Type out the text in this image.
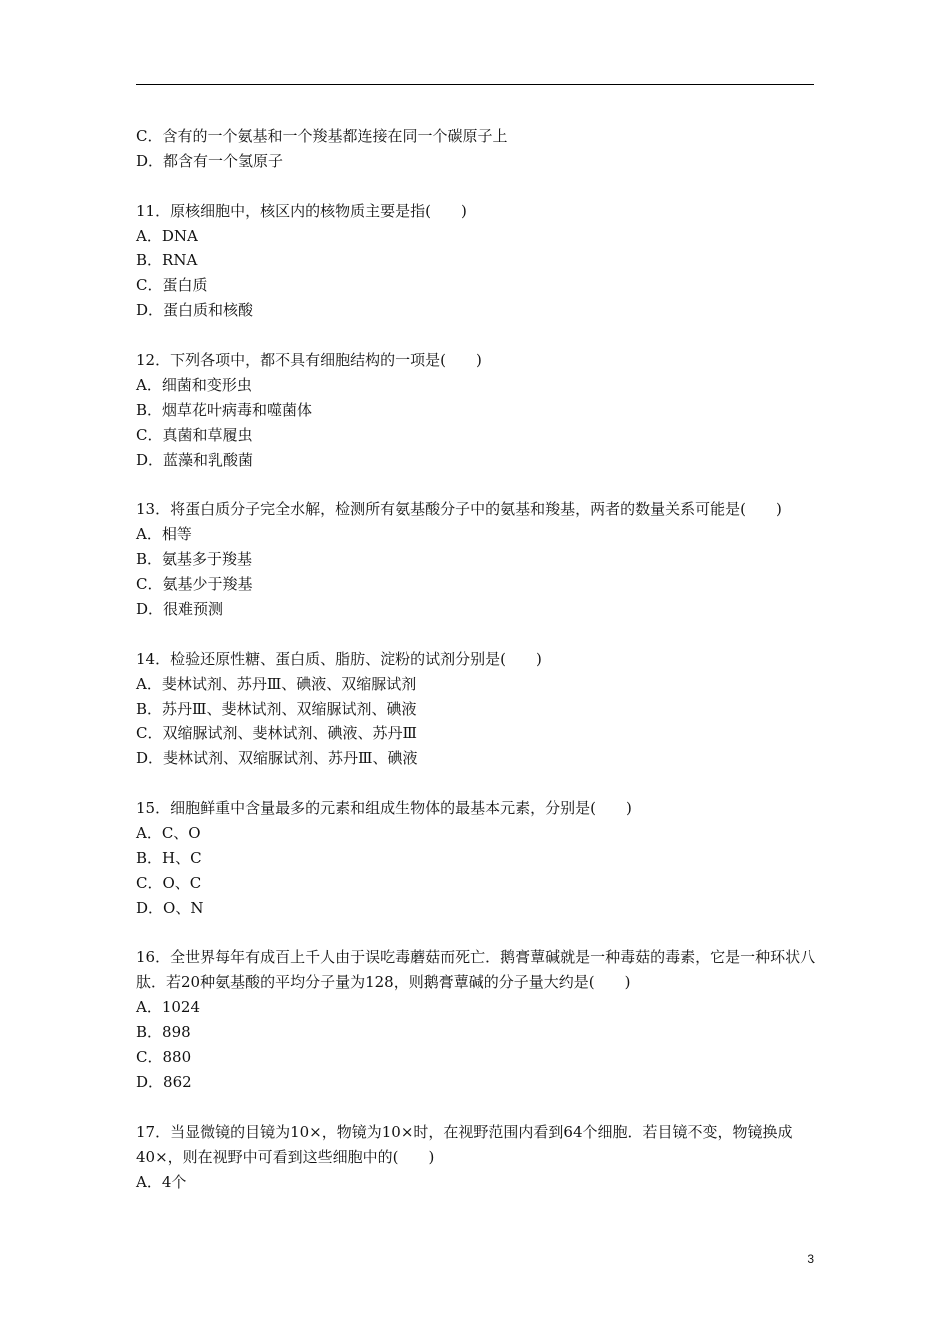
C．含有的一个氨基和一个羧基都连接在同一个碳原子上
D．都含有一个氢原子
11．原核细胞中，核区内的核物质主要是指(　　)
A．DNA
B．RNA
C．蛋白质
D．蛋白质和核酸
12．下列各项中，都不具有细胞结构的一项是(　　)
A．细菌和变形虫
B．烟草花叶病毒和噬菌体
C．真菌和草履虫
D．蓝藻和乳酸菌
13．将蛋白质分子完全水解，检测所有氨基酸分子中的氨基和羧基，两者的数量关系可能是(　　)
A．相等
B．氨基多于羧基
C．氨基少于羧基
D．很难预测
14．检验还原性糖、蛋白质、脂肪、淀粉的试剂分别是(　　)
A．斐林试剂、苏丹Ⅲ、碘液、双缩脲试剂
B．苏丹Ⅲ、斐林试剂、双缩脲试剂、碘液
C．双缩脲试剂、斐林试剂、碘液、苏丹Ⅲ
D．斐林试剂、双缩脲试剂、苏丹Ⅲ、碘液
15．细胞鲜重中含量最多的元素和组成生物体的最基本元素，分别是(　　)
A．C、O
B．H、C
C．O、C
D．O、N
16．全世界每年有成百上千人由于误吃毒蘑菇而死亡．鹅膏蕈碱就是一种毒菇的毒素，它是一种环状八肽．若20种氨基酸的平均分子量为128，则鹅膏蕈碱的分子量大约是(　　)
A．1024
B．898
C．880
D．862
17．当显微镜的目镜为10×，物镜为10×时，在视野范围内看到64个细胞．若目镜不变，物镜换成40×，则在视野中可看到这些细胞中的(　　)
A．4个
3
